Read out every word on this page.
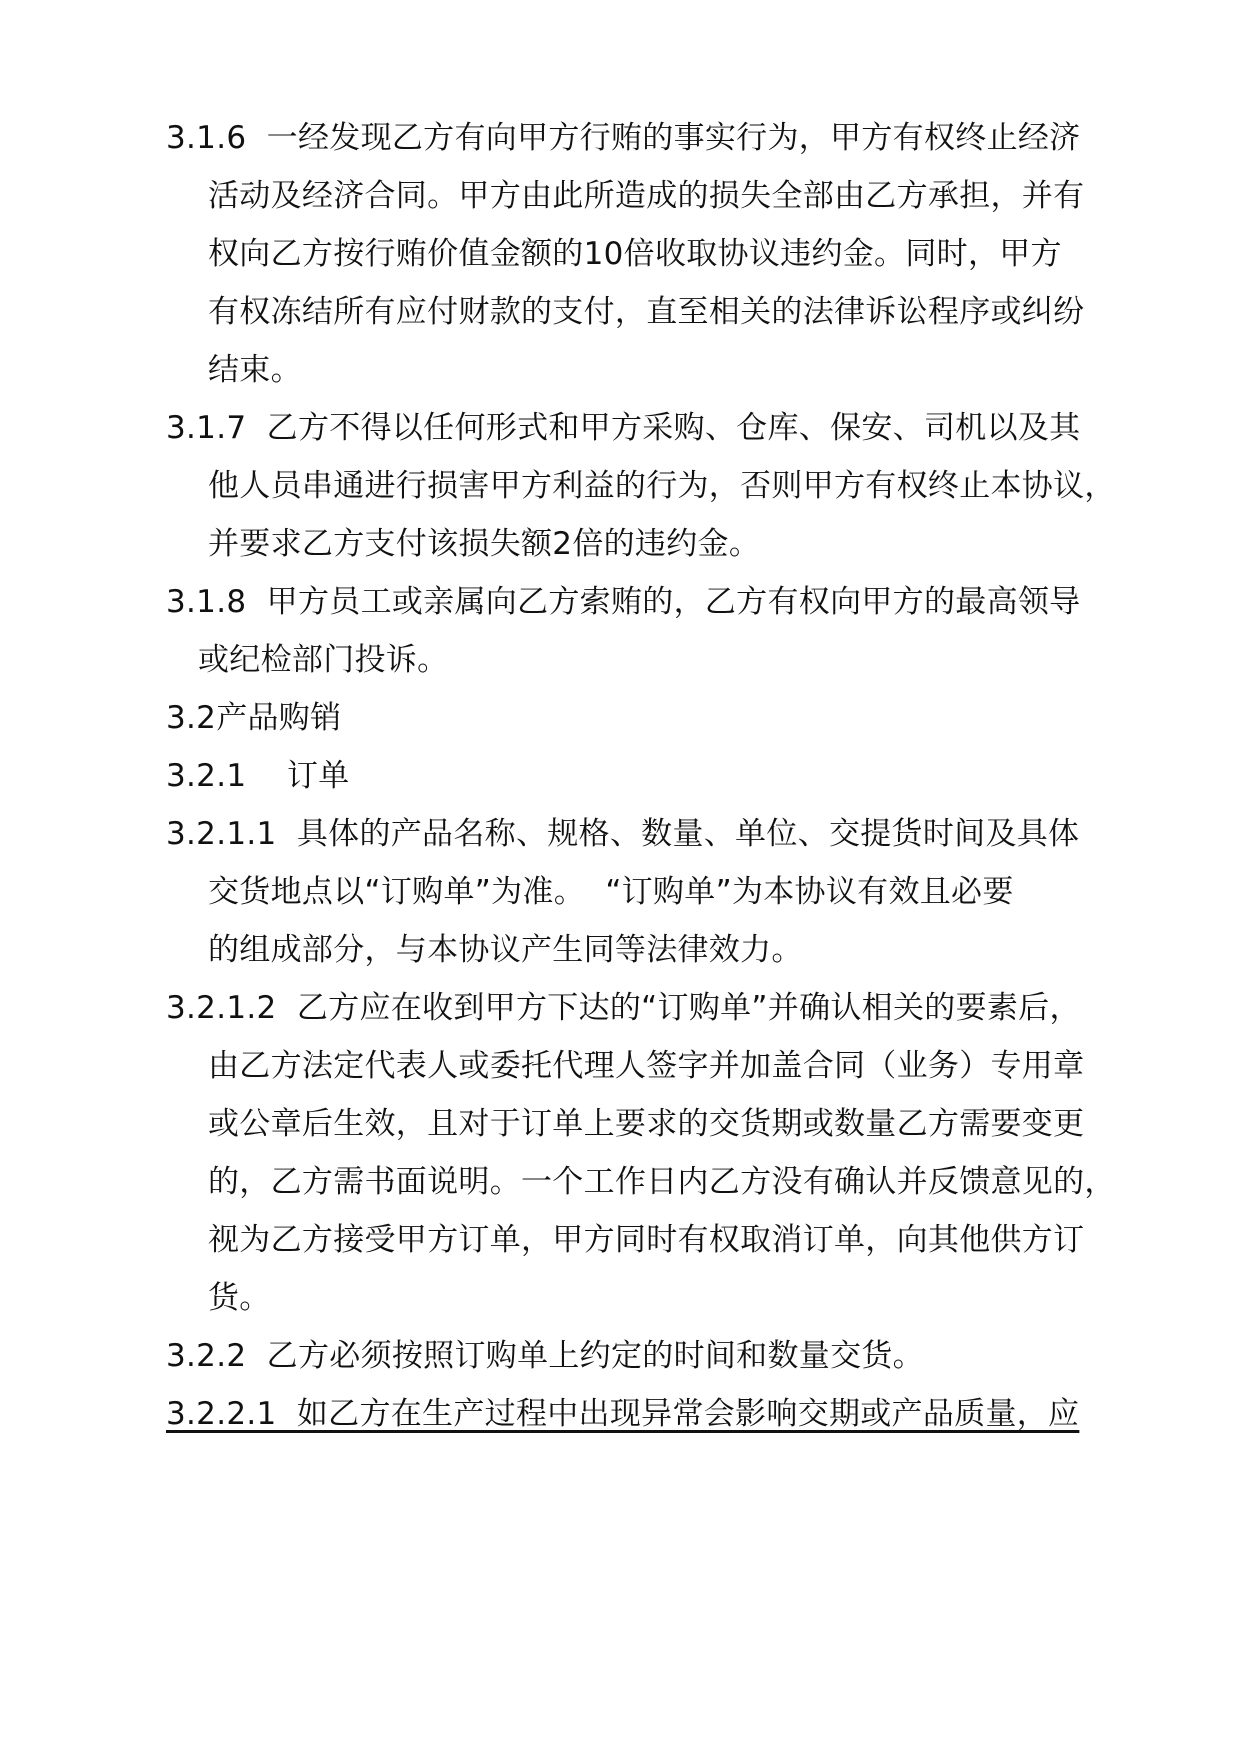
3.1.6  一经发现乙方有向甲方行贿的事实行为，甲方有权终止经济
活动及经济合同。甲方由此所造成的损失全部由乙方承担，并有
权向乙方按行贿价值金额的10倍收取协议违约金。同时，甲方
有权冻结所有应付财款的支付，直至相关的法律诉讼程序或纠纷
结束。
3.1.7  乙方不得以任何形式和甲方采购、仓库、保安、司机以及其
他人员串通进行损害甲方利益的行为，否则甲方有权终止本协议，
并要求乙方支付该损失额2倍的违约金。
3.1.8  甲方员工或亲属向乙方索贿的，乙方有权向甲方的最高领导
或纪检部门投诉。
3.2产品购销
3.2.1    订单
3.2.1.1  具体的产品名称、规格、数量、单位、交提货时间及具体
交货地点以“订购单”为准。  “订购单”为本协议有效且必要
的组成部分，与本协议产生同等法律效力。
3.2.1.2  乙方应在收到甲方下达的“订购单”并确认相关的要素后，
由乙方法定代表人或委托代理人签字并加盖合同（业务）专用章
或公章后生效，且对于订单上要求的交货期或数量乙方需要变更
的，乙方需书面说明。一个工作日内乙方没有确认并反馈意见的，
视为乙方接受甲方订单，甲方同时有权取消订单，向其他供方订
货。
3.2.2  乙方必须按照订购单上约定的时间和数量交货。
3.2.2.1  如乙方在生产过程中出现异常会影响交期或产品质量，应
